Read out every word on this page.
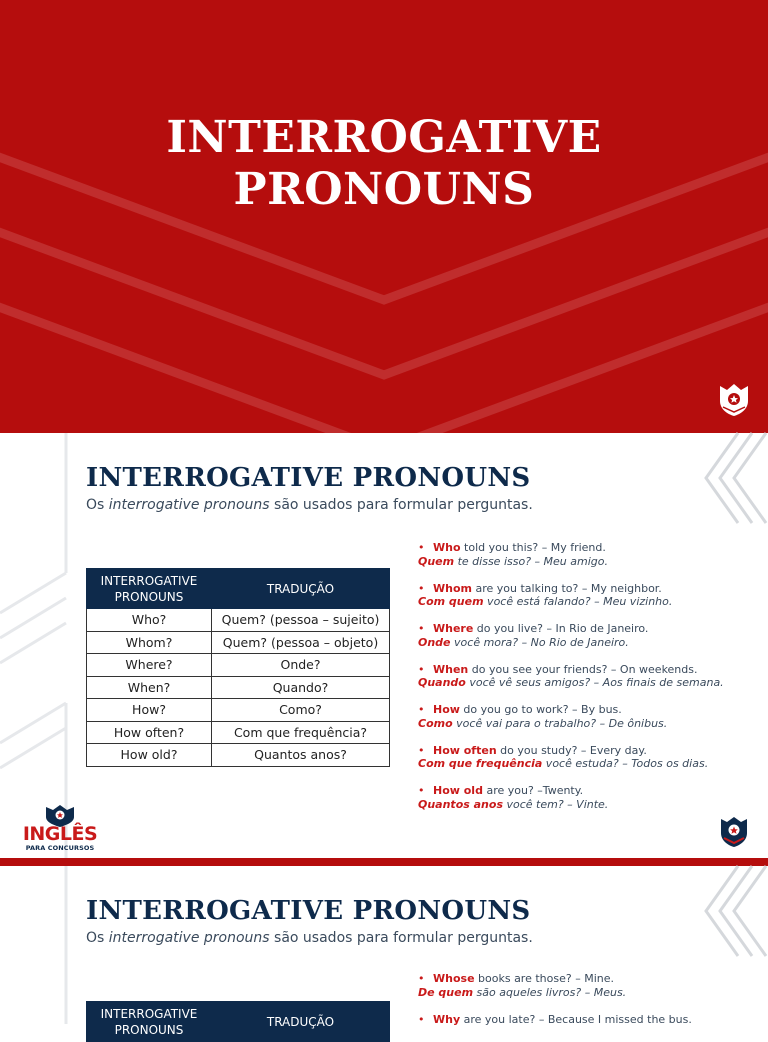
INTERROGATIVE
PRONOUNS
INTERROGATIVE PRONOUNS
Os interrogative pronouns são usados para formular perguntas.
INTERROGATIVE PRONOUNS	TRADUÇÃO
Who?	Quem? (pessoa – sujeito)
Whom?	Quem? (pessoa – objeto)
Where?	Onde?
When?	Quando?
How?	Como?
How often?	Com que frequência?
How old?	Quantos anos?
• Who told you this? – My friend.
Quem te disse isso? – Meu amigo.
• Whom are you talking to? – My neighbor.
Com quem você está falando? – Meu vizinho.
• Where do you live? – In Rio de Janeiro.
Onde você mora? – No Rio de Janeiro.
• When do you see your friends? – On weekends.
Quando você vê seus amigos? – Aos finais de semana.
• How do you go to work? – By bus.
Como você vai para o trabalho? – De ônibus.
• How often do you study? – Every day.
Com que frequência você estuda? – Todos os dias.
• How old are you? –Twenty.
Quantos anos você tem? – Vinte.
INGLÊS
PARA CONCURSOS
INTERROGATIVE PRONOUNS
Os interrogative pronouns são usados para formular perguntas.
INTERROGATIVE PRONOUNS	TRADUÇÃO
• Whose books are those? – Mine.
De quem são aqueles livros? – Meus.
• Why are you late? – Because I missed the bus.
